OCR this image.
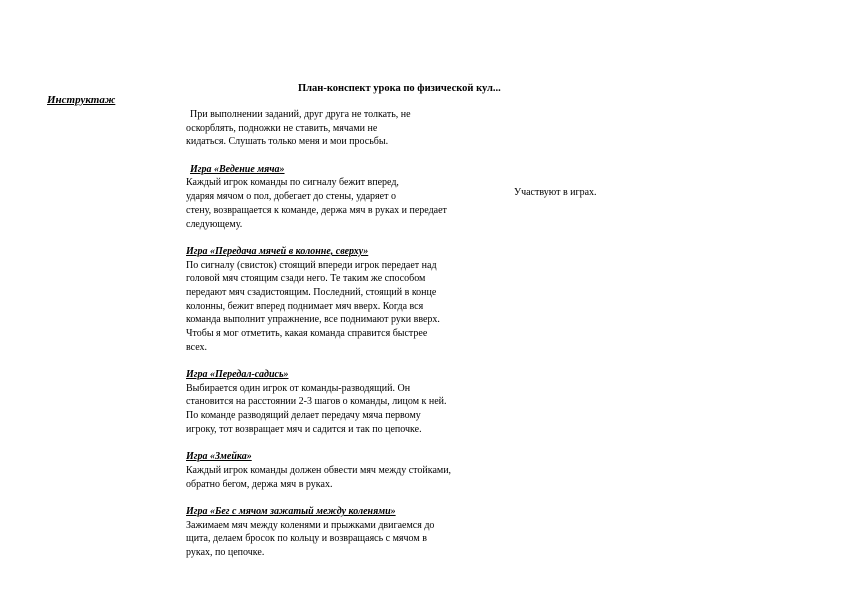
План-конспект урока по физической кул...
Инструктаж
Участвуют в играх.
При выполнении заданий, друг друга не толкать, не
оскорблять, подножки не ставить, мячами не
кидаться. Слушать только меня и мои просьбы.
Игра «Ведение мяча»
Каждый игрок команды по сигналу бежит вперед,
ударяя мячом о пол, добегает до стены, ударяет о
стену, возвращается к команде, держа мяч в руках и передает
следующему.
Игра «Передача мячей в колонне, сверху»
По сигналу (свисток) стоящий впереди игрок передает над
головой мяч стоящим сзади него. Те таким же способом
передают мяч сзадистоящим. Последний, стоящий в конце
колонны, бежит вперед поднимает мяч вверх. Когда вся
команда выполнит упражнение, все поднимают руки вверх.
Чтобы я мог отметить, какая команда справится быстрее
всех.
Игра «Передал-садись»
Выбирается один игрок от команды-разводящий. Он
становится на расстоянии 2-3 шагов о команды, лицом к ней.
По команде разводящий делает передачу мяча первому
игроку, тот возвращает мяч и садится и так по цепочке.
Игра «Змейка»
Каждый игрок команды должен обвести мяч между стойками,
обратно бегом, держа мяч в руках.
Игра «Бег с мячом зажатый между коленями»
Зажимаем мяч между коленями и прыжками двигаемся до
щита, делаем бросок по кольцу и возвращаясь с мячом в
руках, по цепочке.
